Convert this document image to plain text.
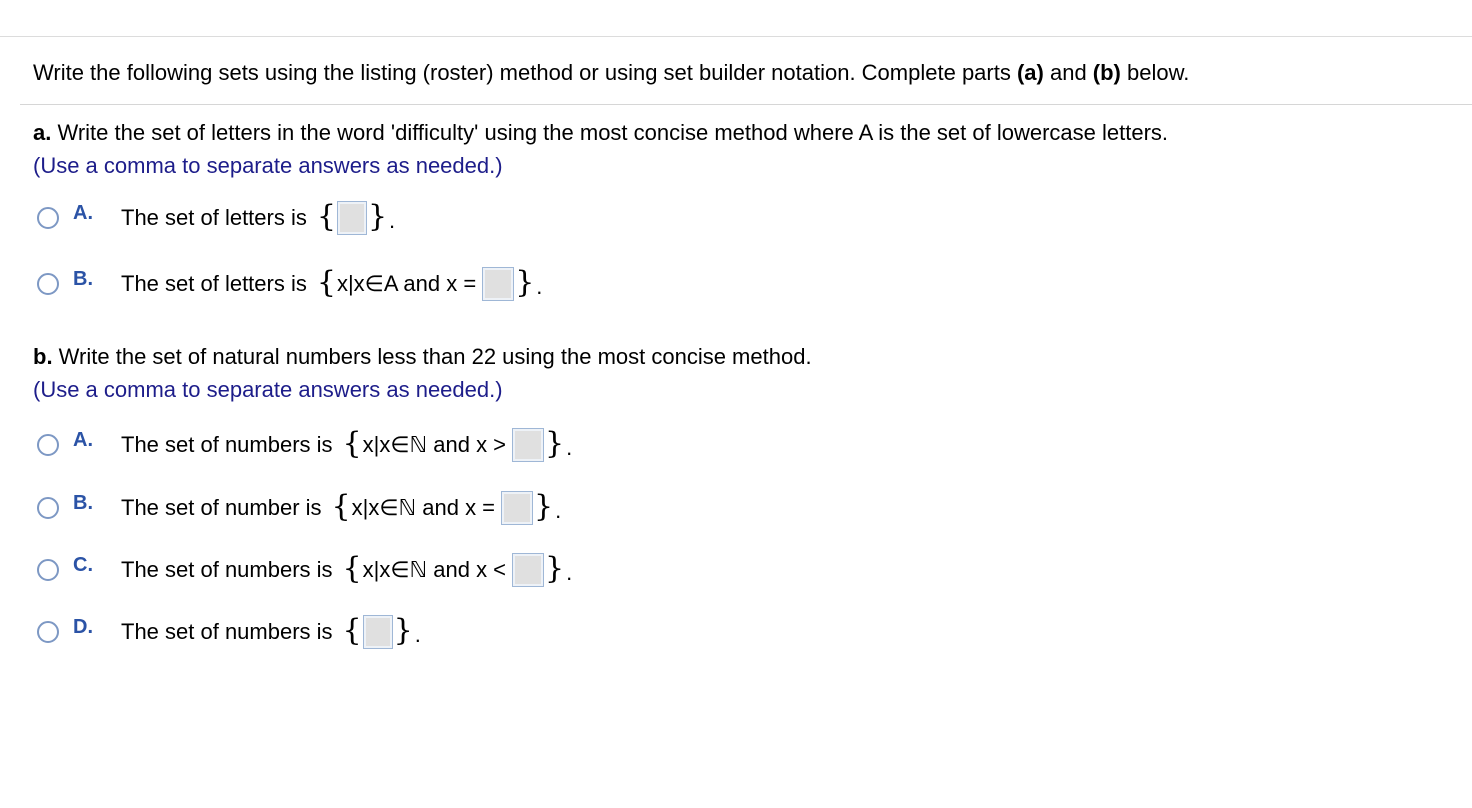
Write the following sets using the listing (roster) method or using set builder notation. Complete parts (a) and (b) below.
a. Write the set of letters in the word 'difficulty' using the most concise method where A is the set of lowercase letters.
(Use a comma to separate answers as needed.)
A.	The set of letters is { } .
B.	The set of letters is { x|x∈A and x = } .
b. Write the set of natural numbers less than 22 using the most concise method.
(Use a comma to separate answers as needed.)
A.	The set of numbers is { x|x∈ℕ and x > } .
B.	The set of number is { x|x∈ℕ and x = } .
C.	The set of numbers is { x|x∈ℕ and x < } .
D.	The set of numbers is { } .
